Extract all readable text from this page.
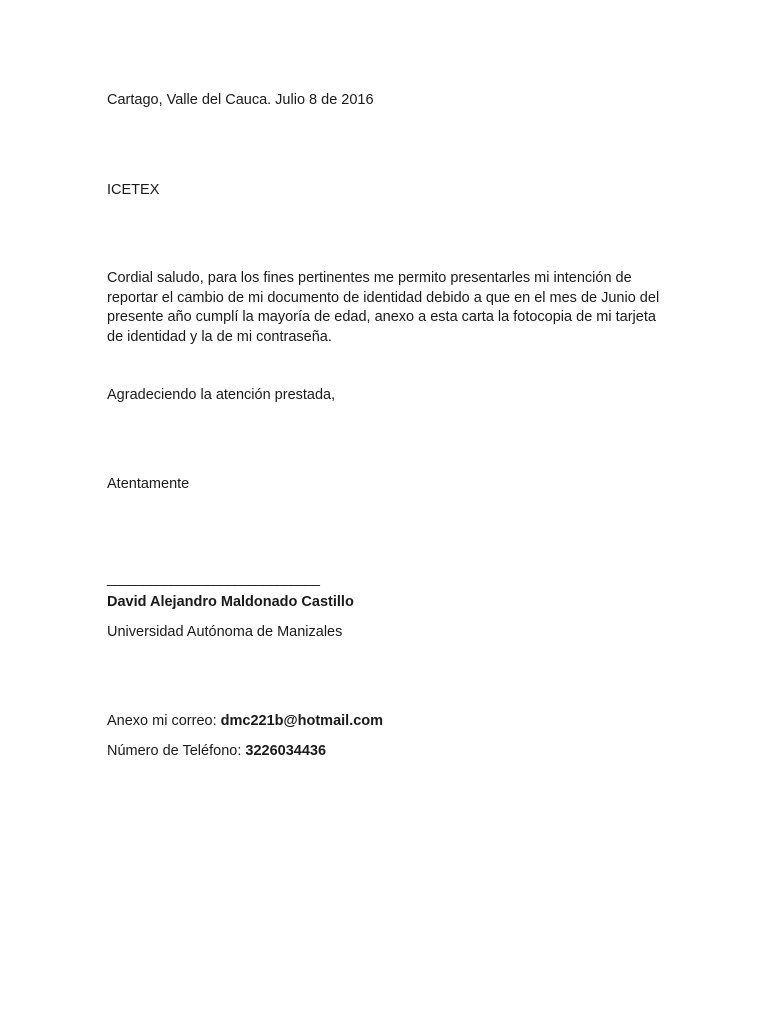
Cartago, Valle del Cauca. Julio 8 de 2016
ICETEX
Cordial saludo, para los fines pertinentes me permito presentarles mi intención de reportar el cambio de mi documento de identidad debido a que en el mes de Junio del presente año cumplí la mayoría de edad, anexo a esta carta la fotocopia de mi tarjeta de identidad y la de mi contraseña.
Agradeciendo la atención prestada,
Atentamente
______________________________
David Alejandro Maldonado Castillo
Universidad Autónoma de Manizales
Anexo mi correo: dmc221b@hotmail.com
Número de Teléfono: 3226034436
